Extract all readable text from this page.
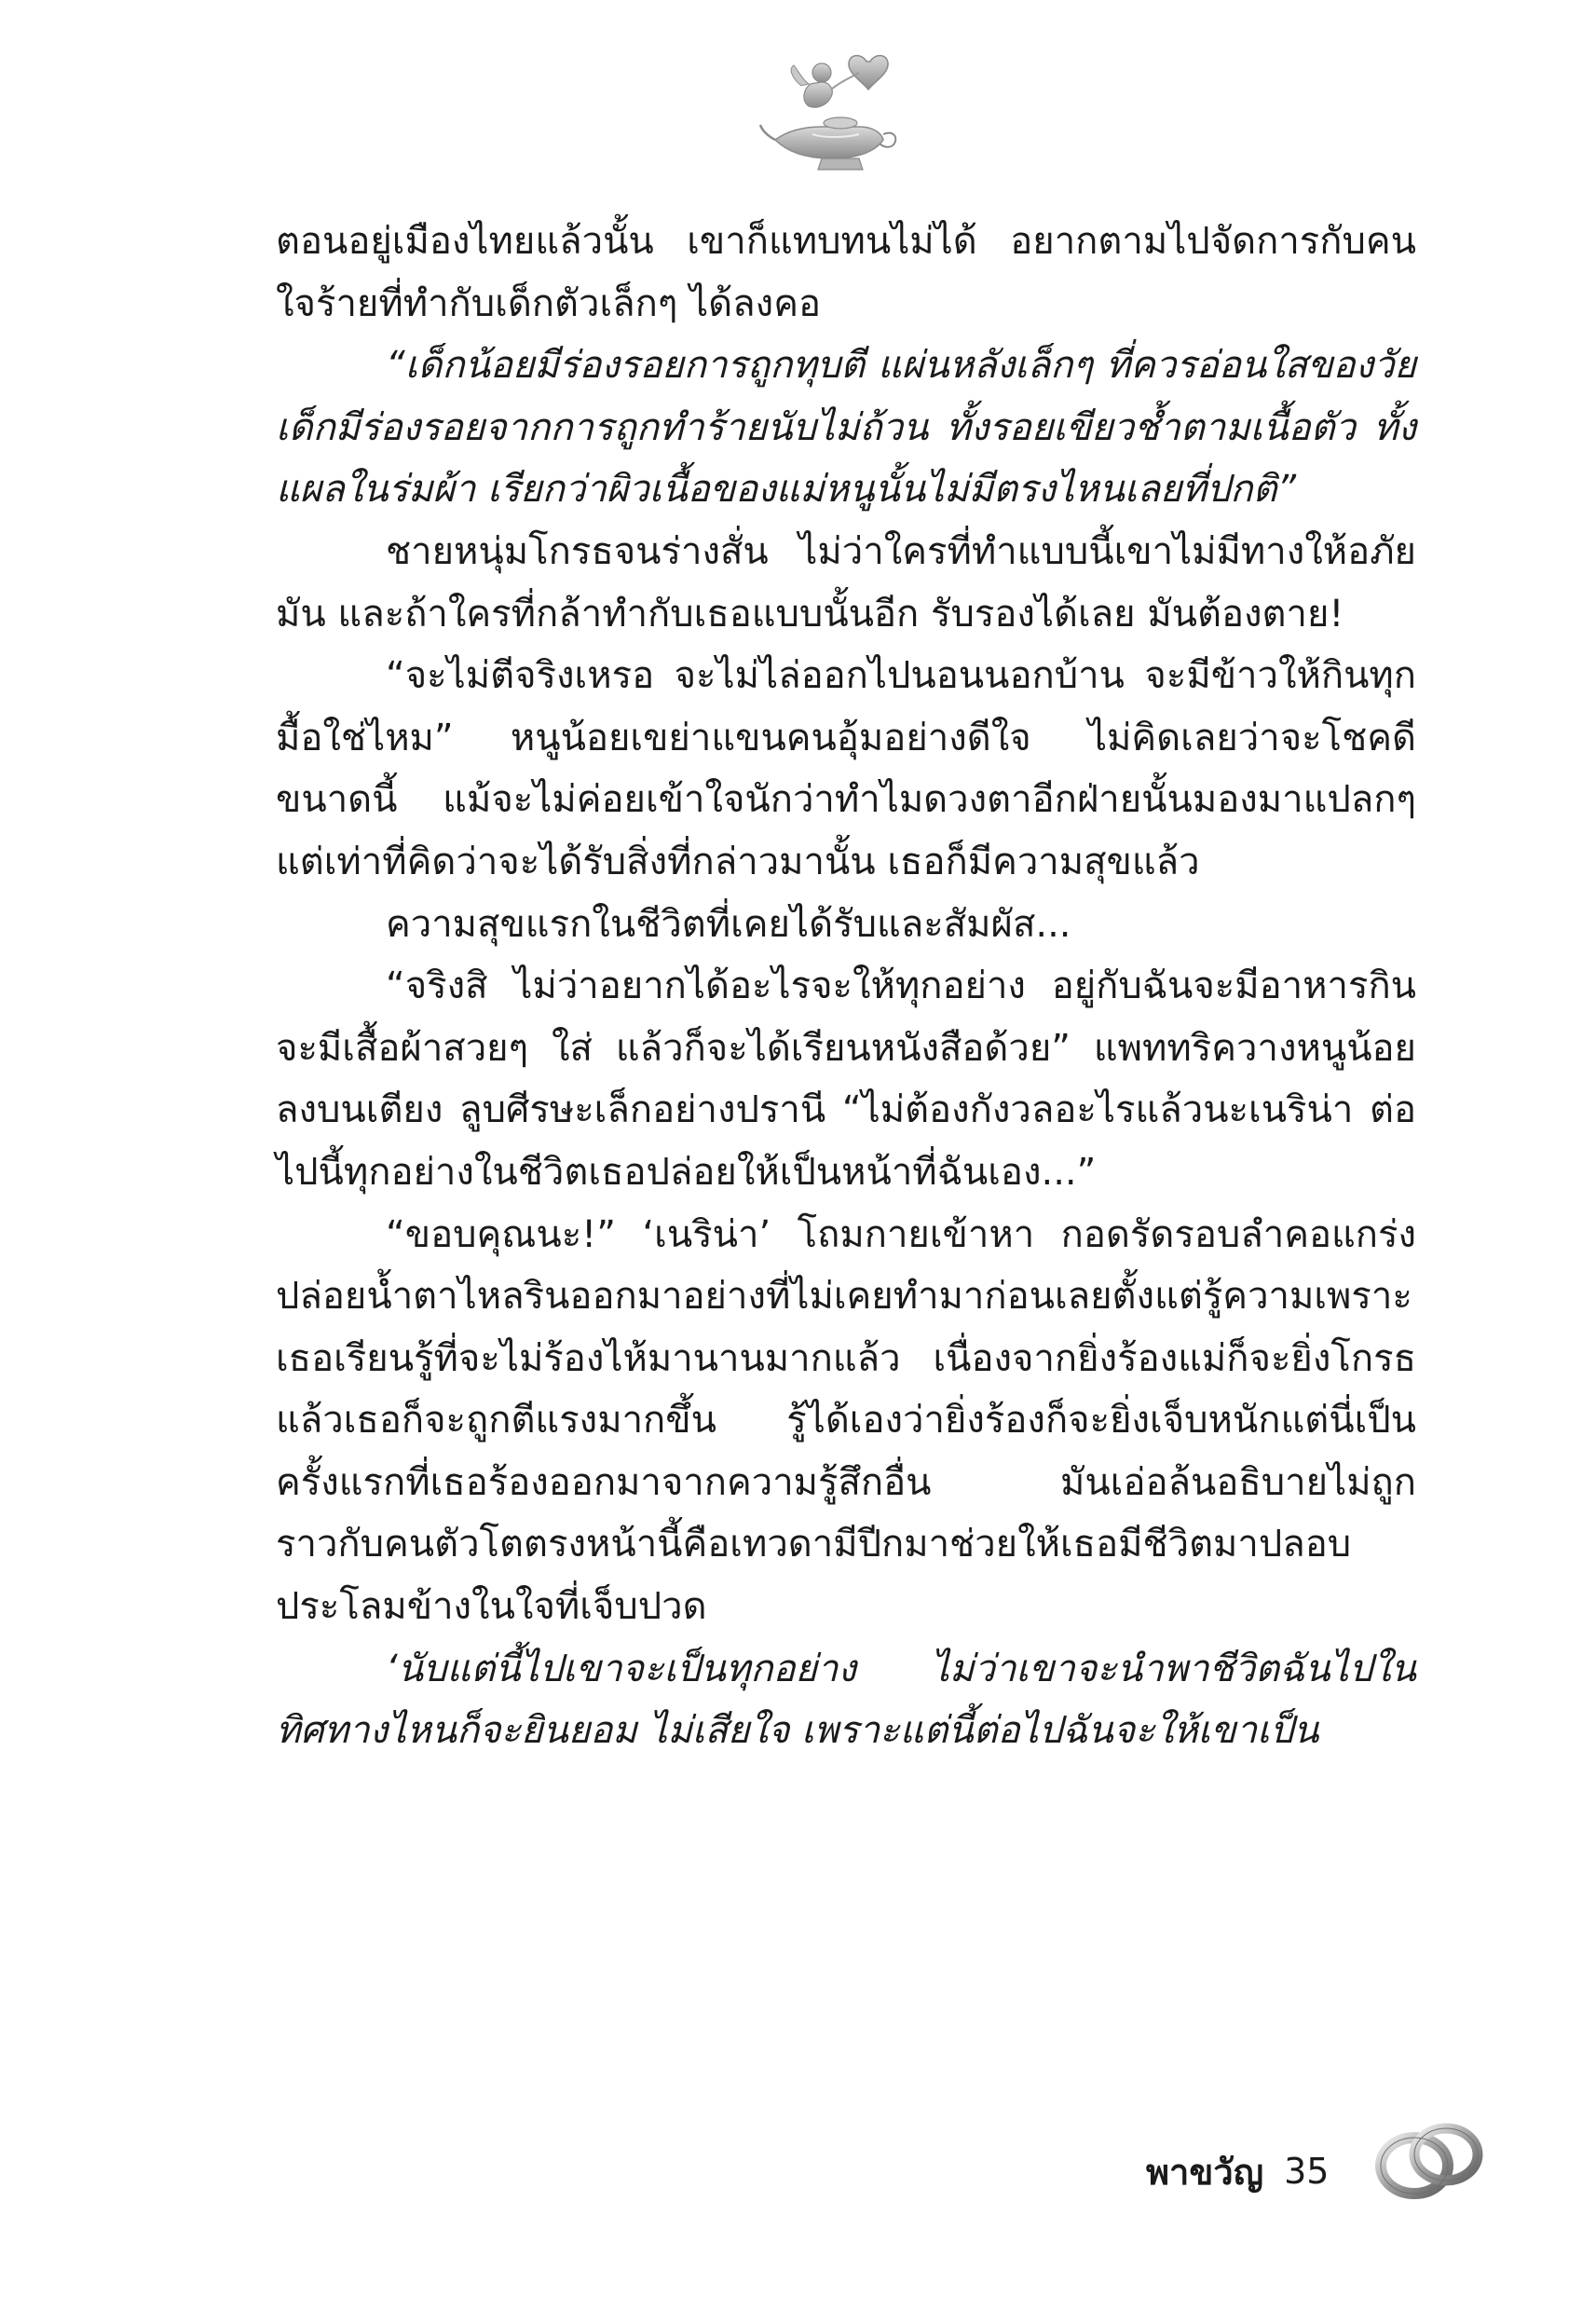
ตอนอยู่เมืองไทยแล้วนั้น เขาก็แทบทนไม่ได้ อยากตามไปจัดการกับคนใจร้ายที่ทำกับเด็กตัวเล็กๆ ได้ลงคอ

“เด็กน้อยมีร่องรอยการถูกทุบตี แผ่นหลังเล็กๆ ที่ควรอ่อนใสของวัยเด็กมีร่องรอยจากการถูกทำร้ายนับไม่ถ้วน ทั้งรอยเขียวช้ำตามเนื้อตัว ทั้งแผลในร่มผ้า เรียกว่าผิวเนื้อของแม่หนูนั้นไม่มีตรงไหนเลยที่ปกติ”

ชายหนุ่มโกรธจนร่างสั่น ไม่ว่าใครที่ทำแบบนี้เขาไม่มีทางให้อภัยมัน และถ้าใครที่กล้าทำกับเธอแบบนั้นอีก รับรองได้เลย มันต้องตาย!

“จะไม่ตีจริงเหรอ จะไม่ไล่ออกไปนอนนอกบ้าน จะมีข้าวให้กินทุกมื้อใช่ไหม” หนูน้อยเขย่าแขนคนอุ้มอย่างดีใจ ไม่คิดเลยว่าจะโชคดีขนาดนี้ แม้จะไม่ค่อยเข้าใจนักว่าทำไมดวงตาอีกฝ่ายนั้นมองมาแปลกๆ แต่เท่าที่คิดว่าจะได้รับสิ่งที่กล่าวมานั้น เธอก็มีความสุขแล้ว

ความสุขแรกในชีวิตที่เคยได้รับและสัมผัส...

“จริงสิ ไม่ว่าอยากได้อะไรจะให้ทุกอย่าง อยู่กับฉันจะมีอาหารกินจะมีเสื้อผ้าสวยๆ ใส่ แล้วก็จะได้เรียนหนังสือด้วย” แพททริควางหนูน้อยลงบนเตียง ลูบศีรษะเล็กอย่างปรานี “ไม่ต้องกังวลอะไรแล้วนะเนริน่า ต่อไปนี้ทุกอย่างในชีวิตเธอปล่อยให้เป็นหน้าที่ฉันเอง...”

“ขอบคุณนะ!” ‘เนริน่า’ โถมกายเข้าหา กอดรัดรอบลำคอแกร่งปล่อยน้ำตาไหลรินออกมาอย่างที่ไม่เคยทำมาก่อนเลยตั้งแต่รู้ความเพราะเธอเรียนรู้ที่จะไม่ร้องไห้มานานมากแล้ว เนื่องจากยิ่งร้องแม่ก็จะยิ่งโกรธ แล้วเธอก็จะถูกตีแรงมากขึ้น รู้ได้เองว่ายิ่งร้องก็จะยิ่งเจ็บหนักแต่นี่เป็นครั้งแรกที่เธอร้องออกมาจากความรู้สึกอื่น มันเอ่อล้นอธิบายไม่ถูก ราวกับคนตัวโตตรงหน้านี้คือเทวดามีปีกมาช่วยให้เธอมีชีวิตมาปลอบประโลมข้างในใจที่เจ็บปวด

‘นับแต่นี้ไปเขาจะเป็นทุกอย่าง ไม่ว่าเขาจะนำพาชีวิตฉันไปในทิศทางไหนก็จะยินยอม ไม่เสียใจ เพราะแต่นี้ต่อไปฉันจะให้เขาเป็น

พาขวัญ 35
